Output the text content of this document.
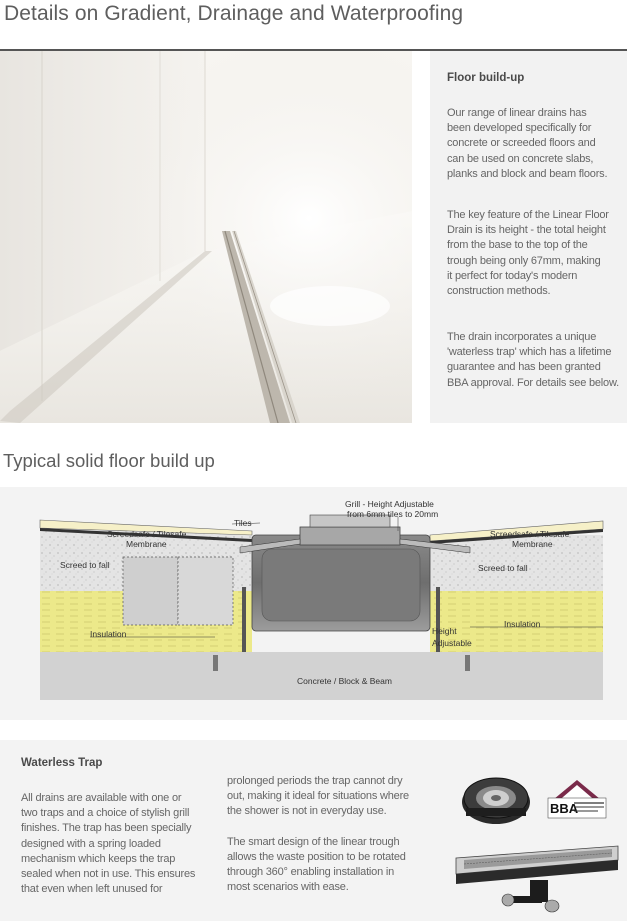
Details on Gradient, Drainage and Waterproofing
Floor build-up
Our range of linear drains has
been developed specifically for
concrete or screeded floors and
can be used on concrete slabs,
planks and block and beam floors.
The key feature of the Linear Floor
Drain is its height - the total height
from the base to the top of the
trough being only 67mm, making
it perfect for today's modern
construction methods.
The drain incorporates a unique
'waterless trap' which has a lifetime
guarantee and has been granted
BBA approval. For details see below.
Typical solid floor build up
Grill - Height Adjustable
from 6mm tiles to 20mm
Tiles
Screedsafe / Tilesafe
Membrane
Screedsafe / Tilesafe
Membrane
Screed to fall	Screed to fall
Insulation
Insulation
Height
Adjustable
Concrete / Block & Beam
Waterless Trap
All drains are available with one or
two traps and a choice of stylish grill
finishes. The trap has been specially
designed with a spring loaded
mechanism which keeps the trap
sealed when not in use. This ensures
that even when left unused for
prolonged periods the trap cannot dry
out, making it ideal for situations where
the shower is not in everyday use.
The smart design of the linear trough
allows the waste position to be rotated
through 360° enabling installation in
most scenarios with ease.
BBA
